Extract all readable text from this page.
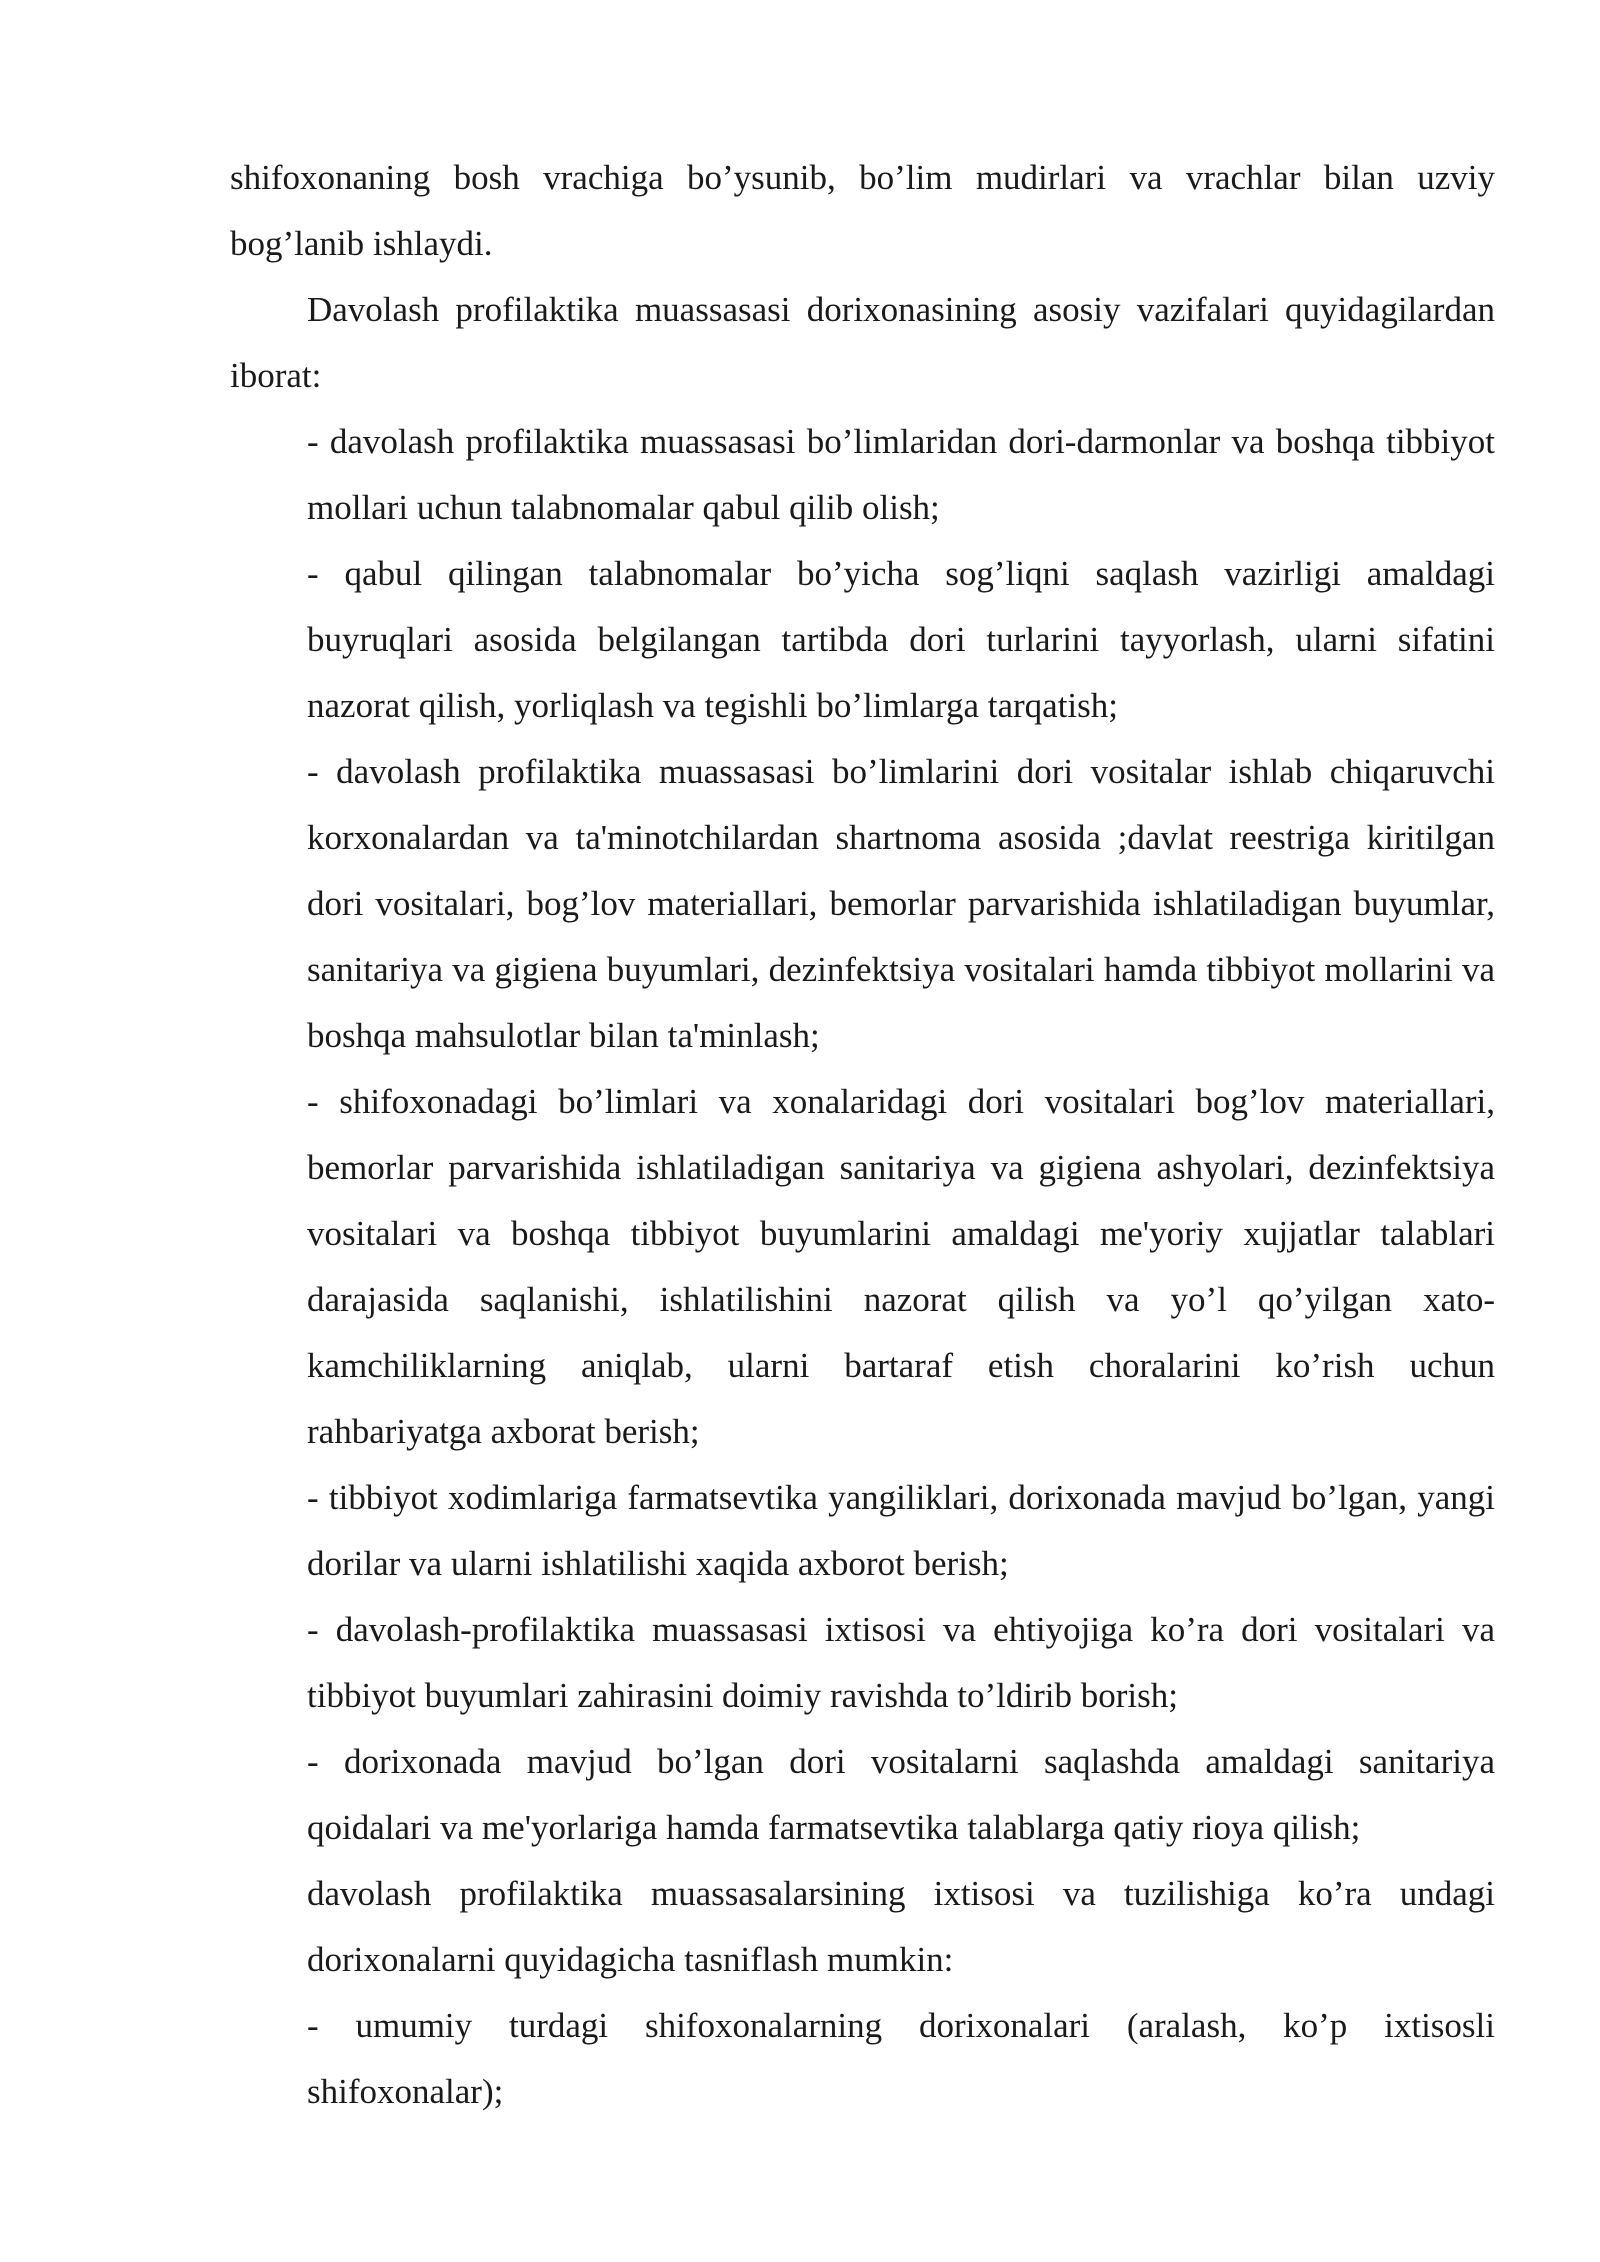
shifoxonaning bosh vrachiga bo’ysunib, bo’lim mudirlari va vrachlar bilan uzviy bog’lanib ishlaydi.

Davolash profilaktika muassasasi dorixonasining asosiy vazifalari quyidagilardan iborat:

- davolash profilaktika muassasasi bo’limlaridan dori-darmonlar va boshqa tibbiyot mollari uchun talabnomalar qabul qilib olish;

- qabul qilingan talabnomalar bo’yicha sog’liqni saqlash vazirligi amaldagi buyruqlari asosida belgilangan tartibda dori turlarini tayyorlash, ularni sifatini nazorat qilish, yorliqlash va tegishli bo’limlarga tarqatish;

- davolash profilaktika muassasasi bo’limlarini dori vositalar ishlab chiqaruvchi korxonalardan va ta'minotchilardan shartnoma asosida ;davlat reestriga kiritilgan dori vositalari, bog’lov materiallari, bemorlar parvarishida ishlatiladigan buyumlar, sanitariya va gigiena buyumlari, dezinfektsiya vositalari hamda tibbiyot mollarini va boshqa mahsulotlar bilan ta'minlash;

- shifoxonadagi bo’limlari va xonalaridagi dori vositalari bog’lov materiallari, bemorlar parvarishida ishlatiladigan sanitariya va gigiena ashyolari, dezinfektsiya vositalari va boshqa tibbiyot buyumlarini amaldagi me'yoriy xujjatlar talablari darajasida saqlanishi, ishlatilishini nazorat qilish va yo’l qo’yilgan xato-kamchiliklarning aniqlab, ularni bartaraf etish choralarini ko’rish uchun rahbariyatga axborat berish;

- tibbiyot xodimlariga farmatsevtika yangiliklari, dorixonada mavjud bo’lgan, yangi dorilar va ularni ishlatilishi xaqida axborot berish;

- davolash-profilaktika muassasasi ixtisosi va ehtiyojiga ko’ra dori vositalari va tibbiyot buyumlari zahirasini doimiy ravishda to’ldirib borish;

- dorixonada mavjud bo’lgan dori vositalarni saqlashda amaldagi sanitariya qoidalari va me'yorlariga hamda farmatsevtika talablarga qatiy rioya qilish;

davolash profilaktika muassasalarsining ixtisosi va tuzilishiga ko’ra undagi dorixonalarni quyidagicha tasniflash mumkin:

- umumiy turdagi shifoxonalarning dorixonalari (aralash, ko’p ixtisosli shifoxonalar);
